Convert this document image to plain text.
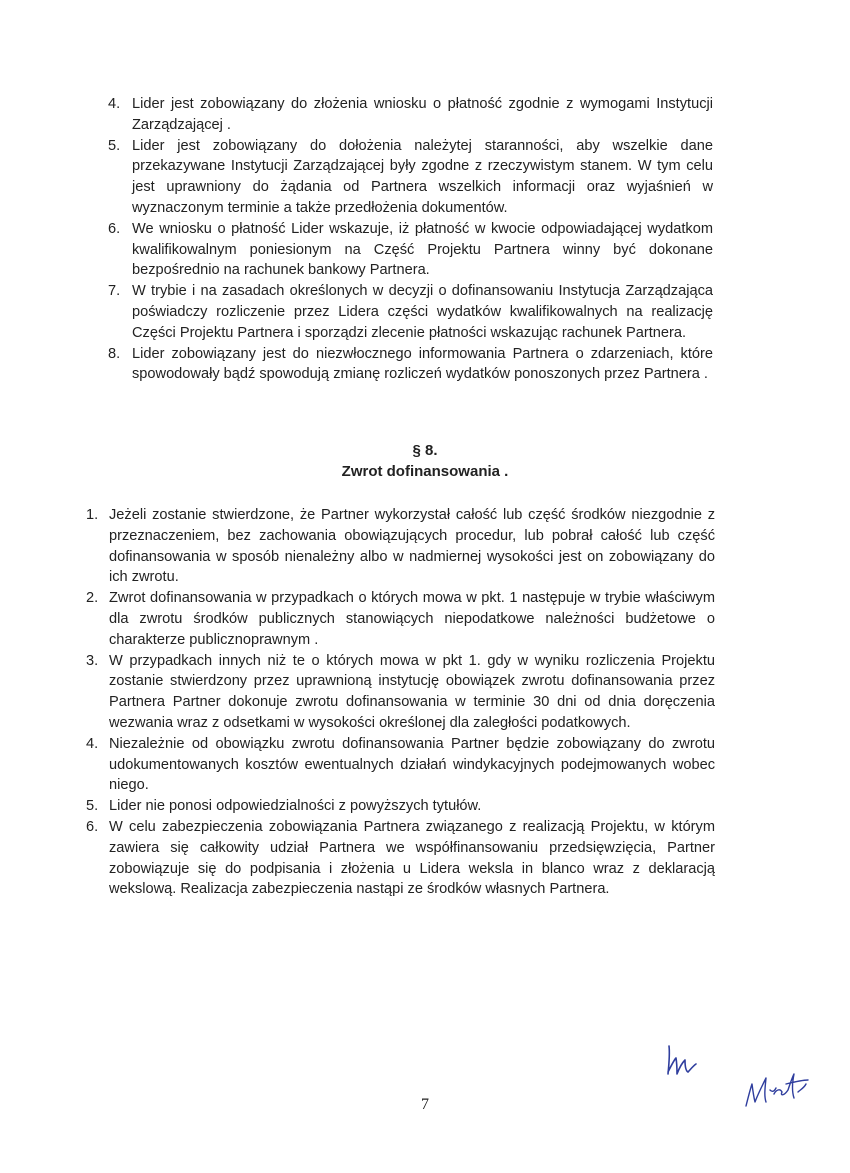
4. Lider jest zobowiązany do złożenia wniosku o płatność zgodnie z wymogami Instytucji Zarządzającej .
5. Lider jest zobowiązany do dołożenia należytej staranności, aby wszelkie dane przekazywane Instytucji Zarządzającej były zgodne z rzeczywistym stanem. W tym celu jest uprawniony do żądania od Partnera wszelkich informacji oraz wyjaśnień w wyznaczonym terminie a także przedłożenia dokumentów.
6. We wniosku o płatność Lider wskazuje, iż płatność w kwocie odpowiadającej wydatkom kwalifikowalnym poniesionym na Część Projektu Partnera winny być dokonane bezpośrednio na rachunek bankowy Partnera.
7. W trybie i na zasadach określonych w decyzji o dofinansowaniu Instytucja Zarządzająca poświadczy rozliczenie przez Lidera części wydatków kwalifikowalnych na realizację Części Projektu Partnera i sporządzi zlecenie płatności wskazując rachunek Partnera.
8. Lider zobowiązany jest do niezwłocznego informowania Partnera o zdarzeniach, które spowodowały bądź spowodują zmianę rozliczeń wydatków ponoszonych przez Partnera .
§ 8.
Zwrot dofinansowania .
1. Jeżeli zostanie stwierdzone, że Partner wykorzystał całość lub część środków niezgodnie z przeznaczeniem, bez zachowania obowiązujących procedur, lub pobrał całość lub część dofinansowania w sposób nienależny albo w nadmiernej wysokości jest on zobowiązany do ich zwrotu.
2. Zwrot dofinansowania w przypadkach o których mowa w pkt. 1 następuje w trybie właściwym dla zwrotu środków publicznych stanowiących niepodatkowe należności budżetowe o charakterze publicznoprawnym .
3. W przypadkach innych niż te o których mowa w pkt 1. gdy w wyniku rozliczenia Projektu zostanie stwierdzony przez uprawnioną instytucję obowiązek zwrotu dofinansowania przez Partnera Partner dokonuje zwrotu dofinansowania w terminie 30 dni od dnia doręczenia wezwania wraz z odsetkami w wysokości określonej dla zaległości podatkowych.
4. Niezależnie od obowiązku zwrotu dofinansowania Partner będzie zobowiązany do zwrotu udokumentowanych kosztów ewentualnych działań windykacyjnych podejmowanych wobec niego.
5. Lider nie ponosi odpowiedzialności z powyższych tytułów.
6. W celu zabezpieczenia zobowiązania Partnera związanego z realizacją Projektu, w którym zawiera się całkowity udział Partnera we współfinansowaniu przedsięwzięcia, Partner zobowiązuje się do podpisania i złożenia u Lidera weksla in blanco wraz z deklaracją wekslową. Realizacja zabezpieczenia nastąpi ze środków własnych Partnera.
7
